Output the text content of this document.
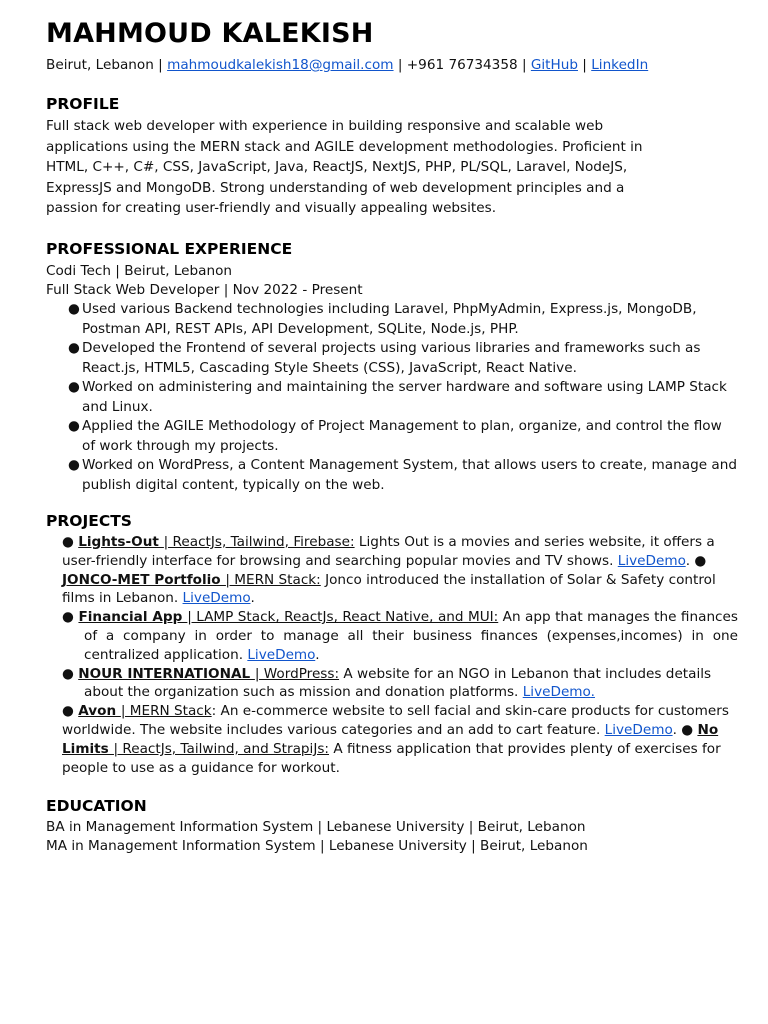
MAHMOUD KALEKISH
Beirut, Lebanon | mahmoudkalekish18@gmail.com | +961 76734358 | GitHub | LinkedIn
PROFILE
Full stack web developer with experience in building responsive and scalable web applications using the MERN stack and AGILE development methodologies. Proficient in HTML, C++, C#, CSS, JavaScript, Java, ReactJS, NextJS, PHP, PL/SQL, Laravel, NodeJS, ExpressJS and MongoDB. Strong understanding of web development principles and a passion for creating user-friendly and visually appealing websites.
PROFESSIONAL EXPERIENCE
Codi Tech | Beirut, Lebanon
Full Stack Web Developer | Nov 2022 - Present
● Used various Backend technologies including Laravel, PhpMyAdmin, Express.js, MongoDB, Postman API, REST APIs, API Development, SQLite, Node.js, PHP.
● Developed the Frontend of several projects using various libraries and frameworks such as React.js, HTML5, Cascading Style Sheets (CSS), JavaScript, React Native.
● Worked on administering and maintaining the server hardware and software using LAMP Stack and Linux.
● Applied the AGILE Methodology of Project Management to plan, organize, and control the flow of work through my projects.
● Worked on WordPress, a Content Management System, that allows users to create, manage and publish digital content, typically on the web.
PROJECTS

● Lights-Out | ReactJs, Tailwind, Firebase: Lights Out is a movies and series website, it offers a user-friendly interface for browsing and searching popular movies and TV shows. LiveDemo. ● JONCO-MET Portfolio | MERN Stack: Jonco introduced the installation of Solar & Safety control films in Lebanon. LiveDemo.

● Financial App | LAMP Stack, ReactJs, React Native, and MUI: An app that manages the finances of a company in order to manage all their business finances (expenses,incomes) in one centralized application. LiveDemo.

● NOUR INTERNATIONAL | WordPress: A website for an NGO in Lebanon that includes details about the organization such as mission and donation platforms. LiveDemo.

● Avon | MERN Stack: An e-commerce website to sell facial and skin-care products for customers worldwide. The website includes various categories and an add to cart feature. LiveDemo. ● No Limits | ReactJs, Tailwind, and StrapiJs: A fitness application that provides plenty of exercises for people to use as a guidance for workout.

EDUCATION
BA in Management Information System | Lebanese University | Beirut, Lebanon
MA in Management Information System | Lebanese University | Beirut, Lebanon
